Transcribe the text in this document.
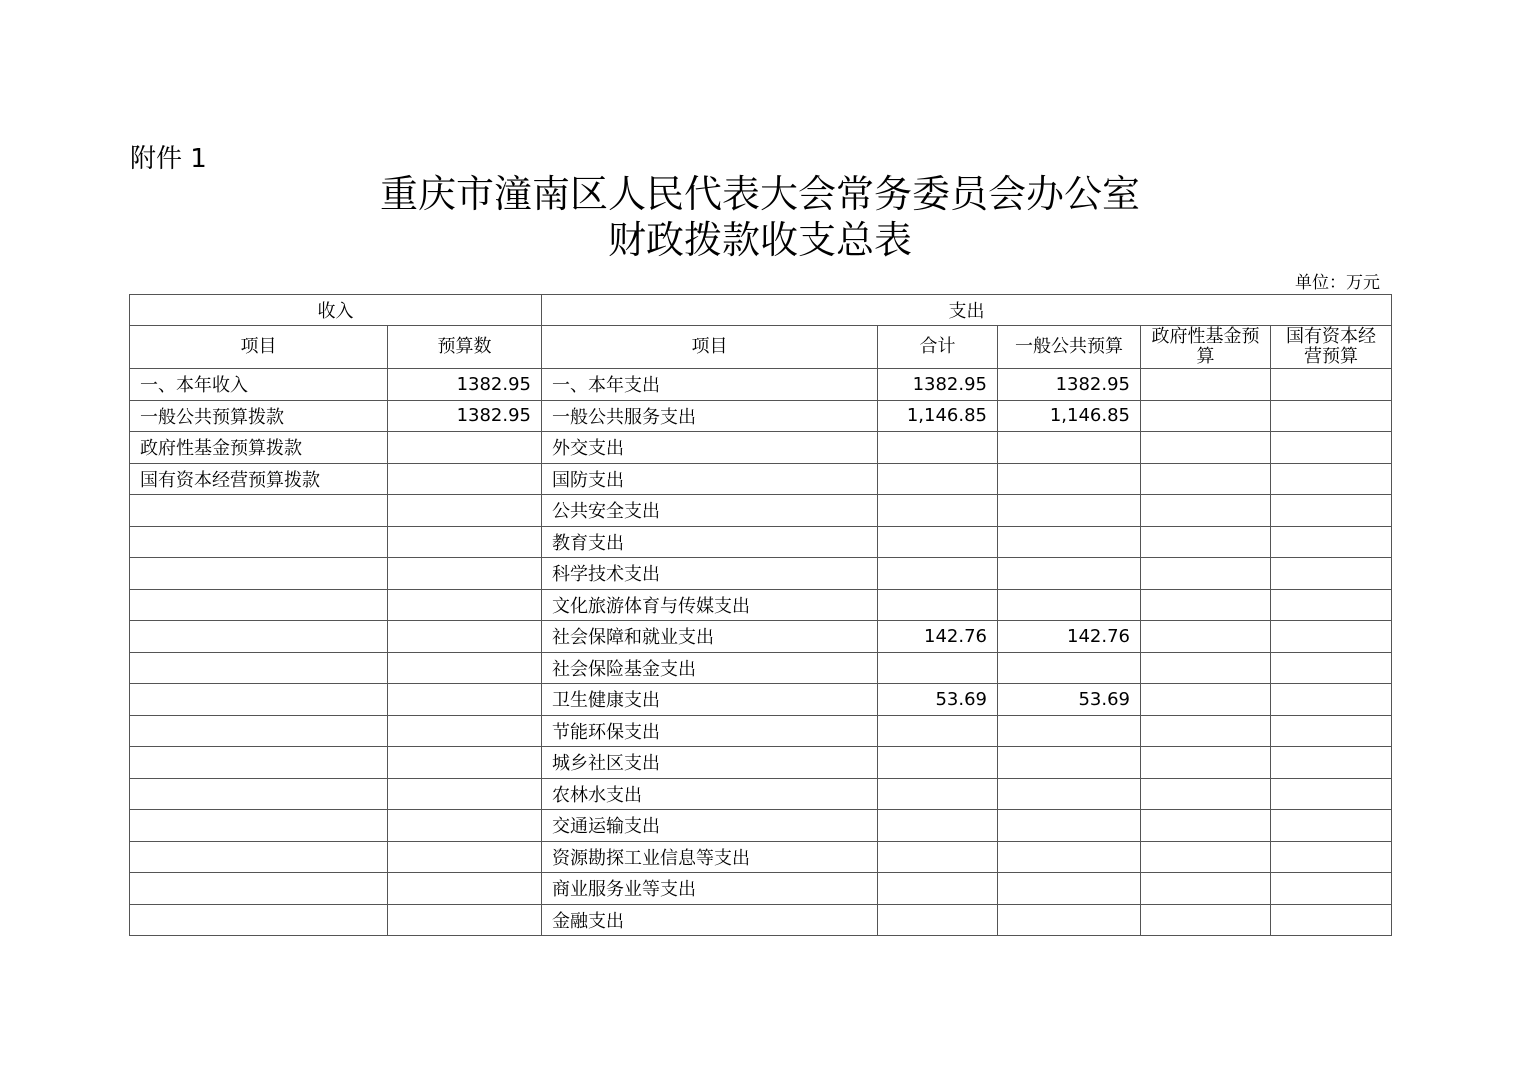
附件 1
重庆市潼南区人民代表大会常务委员会办公室
财政拨款收支总表
单位：万元
收入		支出				
项目	预算数	项目	合计	一般公共预算	政府性基金预算	国有资本经营预算
一、本年收入	1382.95	一、本年支出	1382.95	1382.95		
一般公共预算拨款	1382.95	一般公共服务支出	1,146.85	1,146.85		
政府性基金预算拨款		外交支出				
国有资本经营预算拨款		国防支出				
		公共安全支出				
		教育支出				
		科学技术支出				
		文化旅游体育与传媒支出				
		社会保障和就业支出	142.76	142.76		
		社会保险基金支出				
		卫生健康支出	53.69	53.69		
		节能环保支出				
		城乡社区支出				
		农林水支出				
		交通运输支出				
		资源勘探工业信息等支出				
		商业服务业等支出				
		金融支出				
